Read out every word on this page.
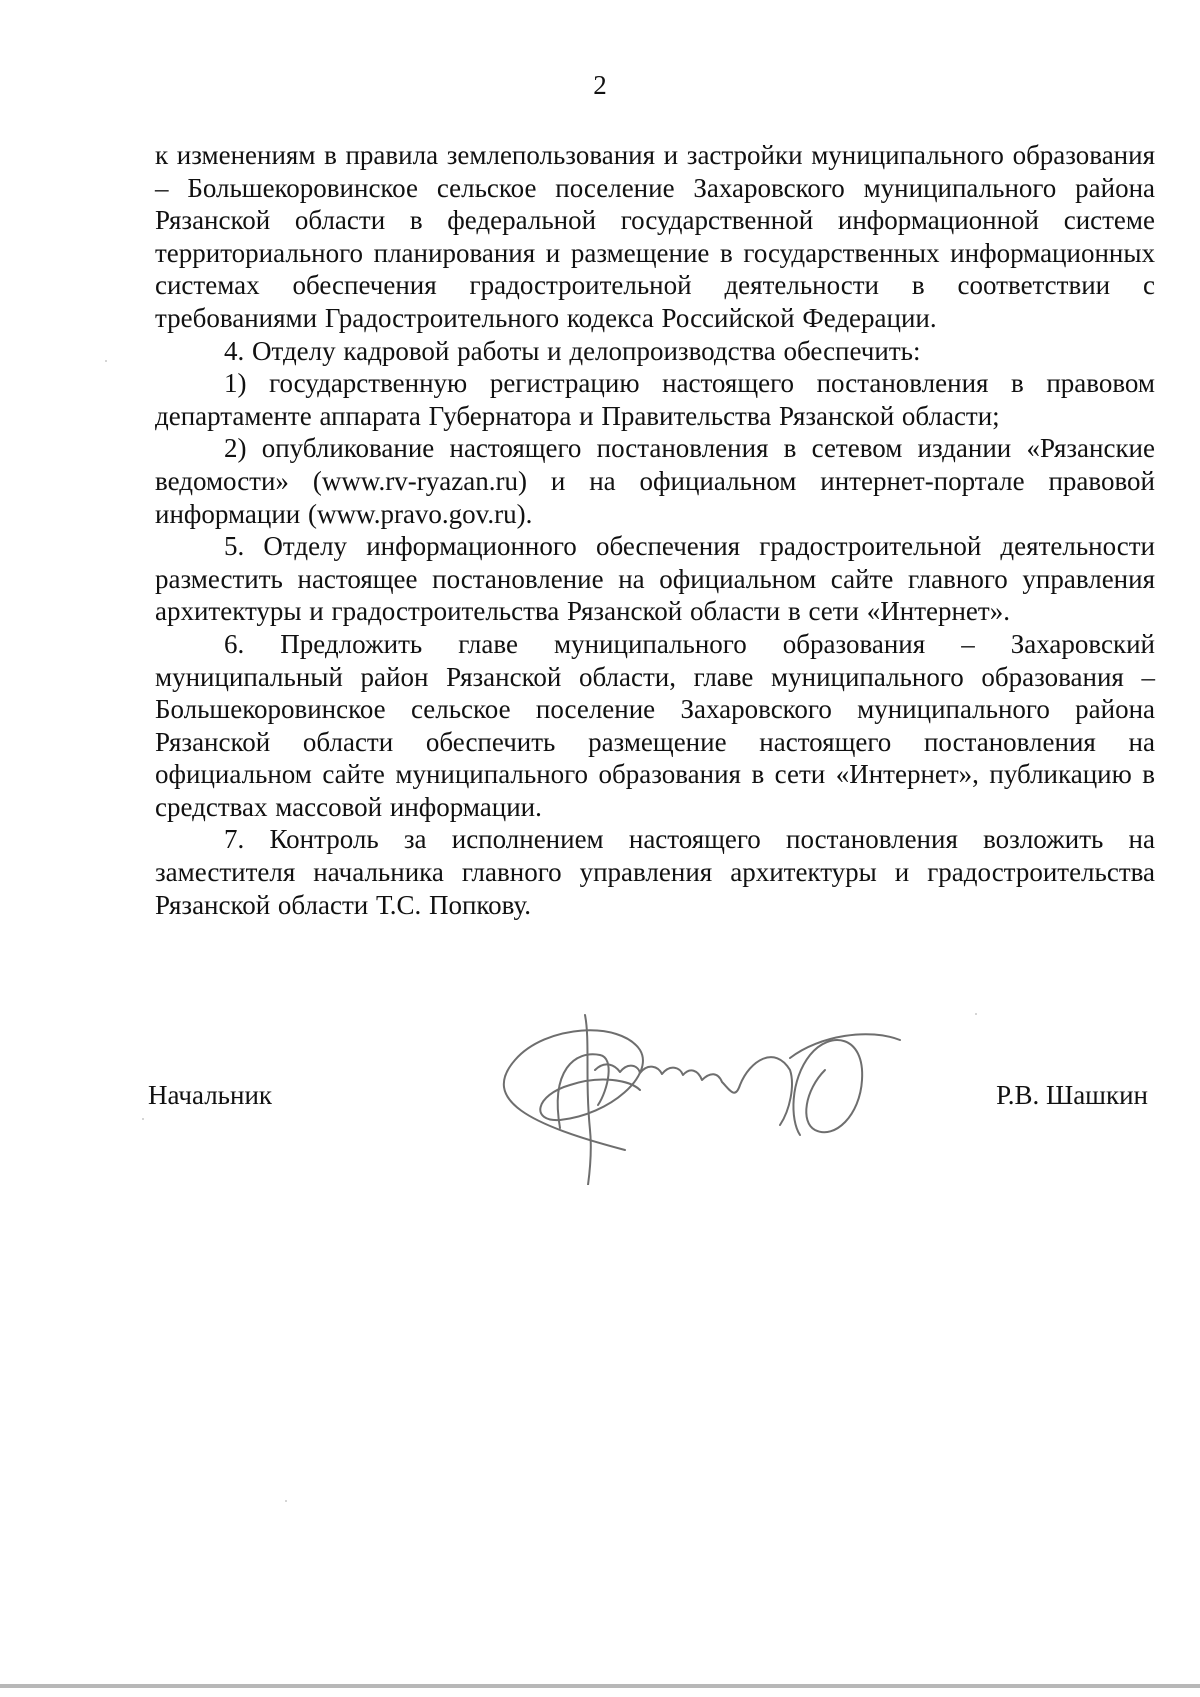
2

к изменениям в правила землепользования и застройки муниципального образования – Большекоровинское сельское поселение Захаровского муниципального района Рязанской области в федеральной государственной информационной системе территориального планирования и размещение в государственных информационных системах обеспечения градостроительной деятельности в соответствии с требованиями Градостроительного кодекса Российской Федерации.

4. Отделу кадровой работы и делопроизводства обеспечить:

1) государственную регистрацию настоящего постановления в правовом департаменте аппарата Губернатора и Правительства Рязанской области;

2) опубликование настоящего постановления в сетевом издании «Рязанские ведомости» (www.rv-ryazan.ru) и на официальном интернет-портале правовой информации (www.pravo.gov.ru).

5. Отделу информационного обеспечения градостроительной деятельности разместить настоящее постановление на официальном сайте главного управления архитектуры и градостроительства Рязанской области в сети «Интернет».

6. Предложить главе муниципального образования – Захаровский муниципальный район Рязанской области, главе муниципального образования – Большекоровинское сельское поселение Захаровского муниципального района Рязанской области обеспечить размещение настоящего постановления на официальном сайте муниципального образования в сети «Интернет», публикацию в средствах массовой информации.

7. Контроль за исполнением настоящего постановления возложить на заместителя начальника главного управления архитектуры и градостроительства Рязанской области Т.С. Попкову.

Начальник	Р.В. Шашкин
